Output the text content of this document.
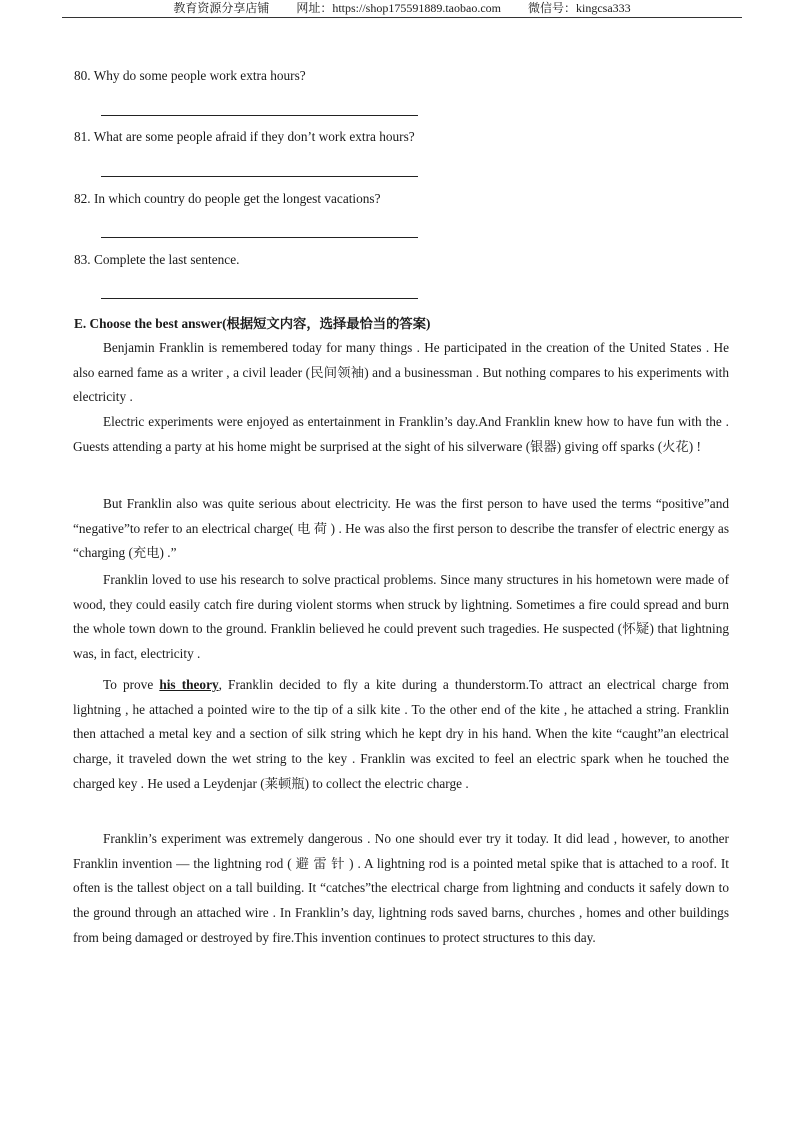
教育资源分享店铺 网址：https://shop175591889.taobao.com 微信号：kingcsa333
80. Why do some people work extra hours?
81. What are some people afraid if they don’t work extra hours?
82. In which country do people get the longest vacations?
83. Complete the last sentence.
E. Choose the best answer(根据短文内容，选择最恰当的答案)

Benjamin Franklin is remembered today for many things . He participated in the creation of the United States . He also earned fame as a writer , a civil leader (民间领袖) and a businessman . But nothing compares to his experiments with electricity .

Electric experiments were enjoyed as entertainment in Franklin’s day.And Franklin knew how to have fun with the . Guests attending a party at his home might be surprised at the sight of his silverware (银器) giving off sparks (火花) !

But Franklin also was quite serious about electricity. He was the first person to have used the terms “positive”and “negative”to refer to an electrical charge( 电 荷 ) . He was also the first person to describe the transfer of electric energy as “charging (充电) .”

Franklin loved to use his research to solve practical problems. Since many structures in his hometown were made of wood, they could easily catch fire during violent storms when struck by lightning. Sometimes a fire could spread and burn the whole town down to the ground. Franklin believed he could prevent such tragedies. He suspected (怀疑) that lightning was, in fact, electricity .

To prove his theory, Franklin decided to fly a kite during a thunderstorm.To attract an electrical charge from lightning , he attached a pointed wire to the tip of a silk kite . To the other end of the kite , he attached a string. Franklin then attached a metal key and a section of silk string which he kept dry in his hand. When the kite “caught”an electrical charge, it traveled down the wet string to the key . Franklin was excited to feel an electric spark when he touched the charged key . He used a Leydenjar (莱顿瓶) to collect the electric charge .

Franklin’s experiment was extremely dangerous . No one should ever try it today. It did lead , however, to another Franklin invention — the lightning rod ( 避 雷 针 ) . A lightning rod is a pointed metal spike that is attached to a roof. It often is the tallest object on a tall building. It “catches”the electrical charge from lightning and conducts it safely down to the ground through an attached wire . In Franklin’s day, lightning rods saved barns, churches , homes and other buildings from being damaged or destroyed by fire.This invention continues to protect structures to this day.
